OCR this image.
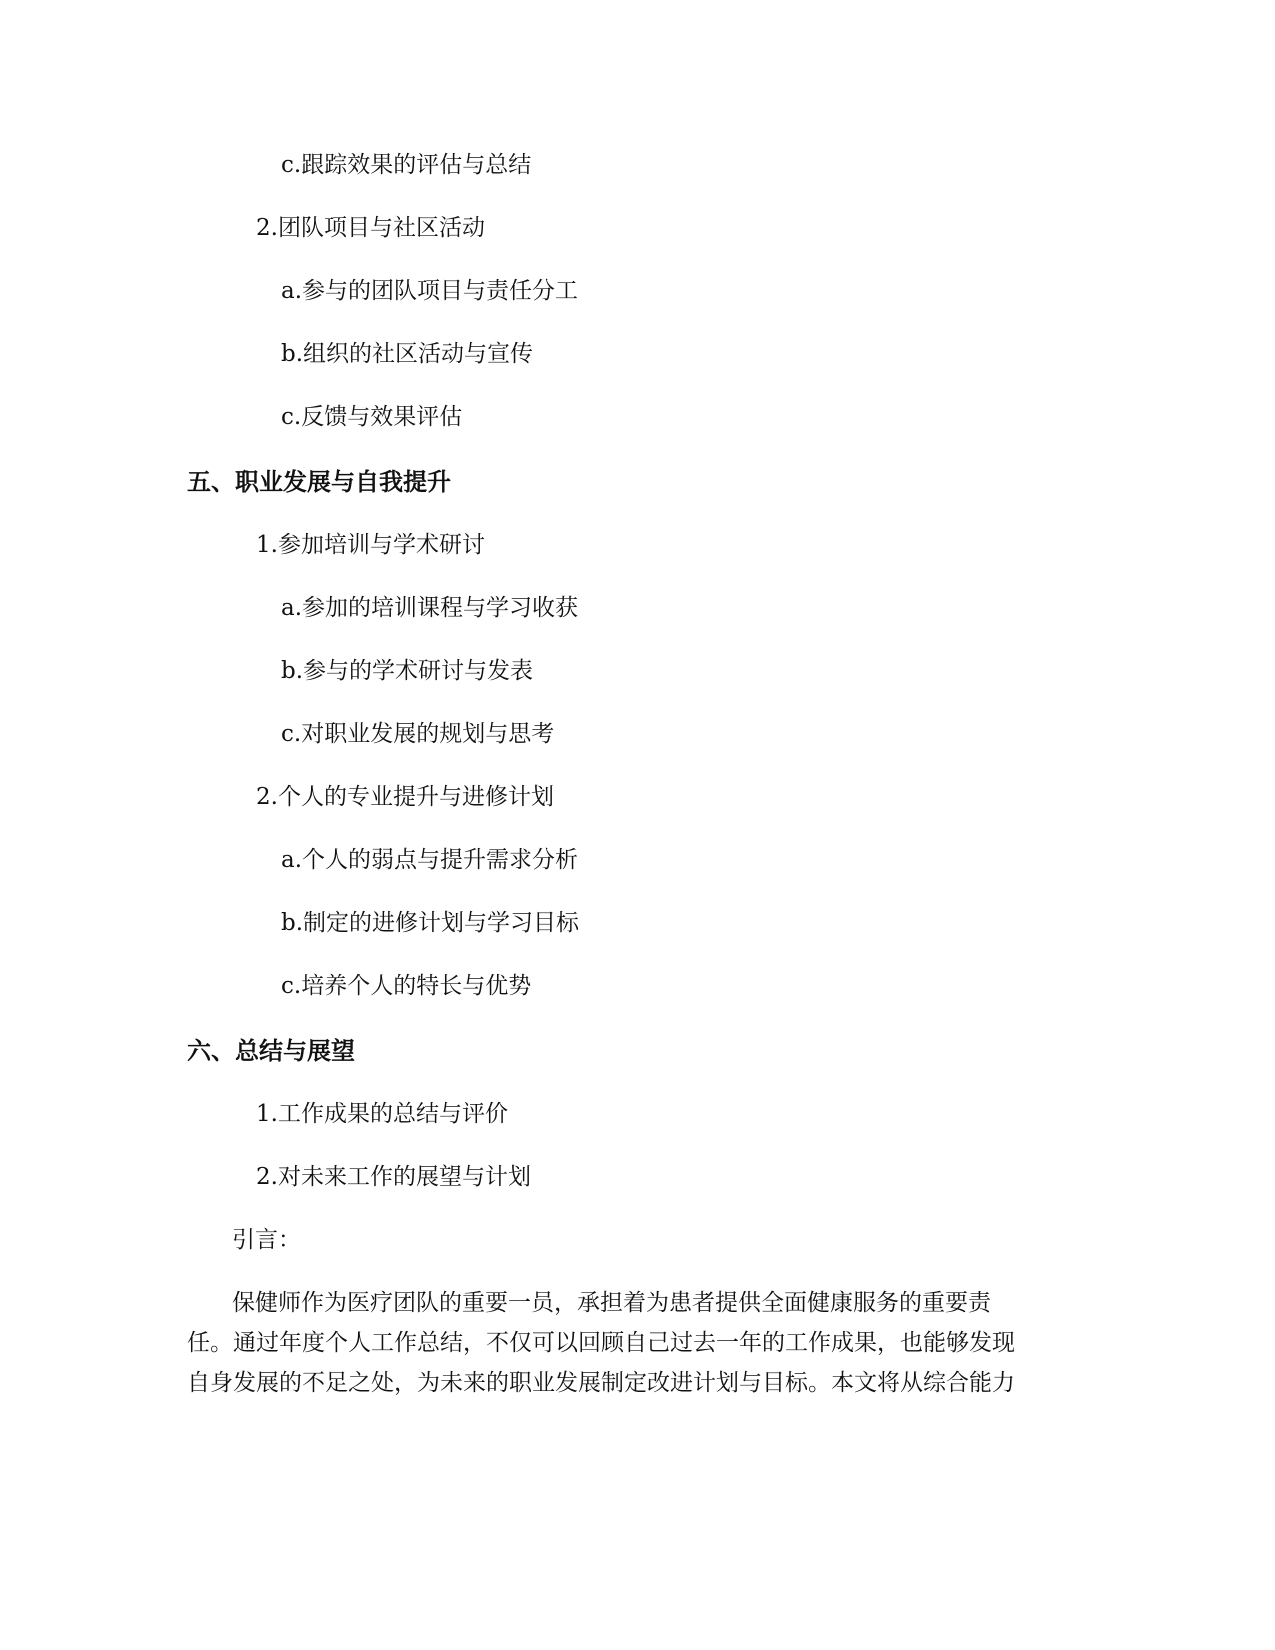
c.跟踪效果的评估与总结
2.团队项目与社区活动
a.参与的团队项目与责任分工
b.组织的社区活动与宣传
c.反馈与效果评估
五、职业发展与自我提升
1.参加培训与学术研讨
a.参加的培训课程与学习收获
b.参与的学术研讨与发表
c.对职业发展的规划与思考
2.个人的专业提升与进修计划
a.个人的弱点与提升需求分析
b.制定的进修计划与学习目标
c.培养个人的特长与优势
六、总结与展望
1.工作成果的总结与评价
2.对未来工作的展望与计划
引言：
保健师作为医疗团队的重要一员，承担着为患者提供全面健康服务的重要责
任。通过年度个人工作总结，不仅可以回顾自己过去一年的工作成果，也能够发现
自身发展的不足之处，为未来的职业发展制定改进计划与目标。本文将从综合能力
